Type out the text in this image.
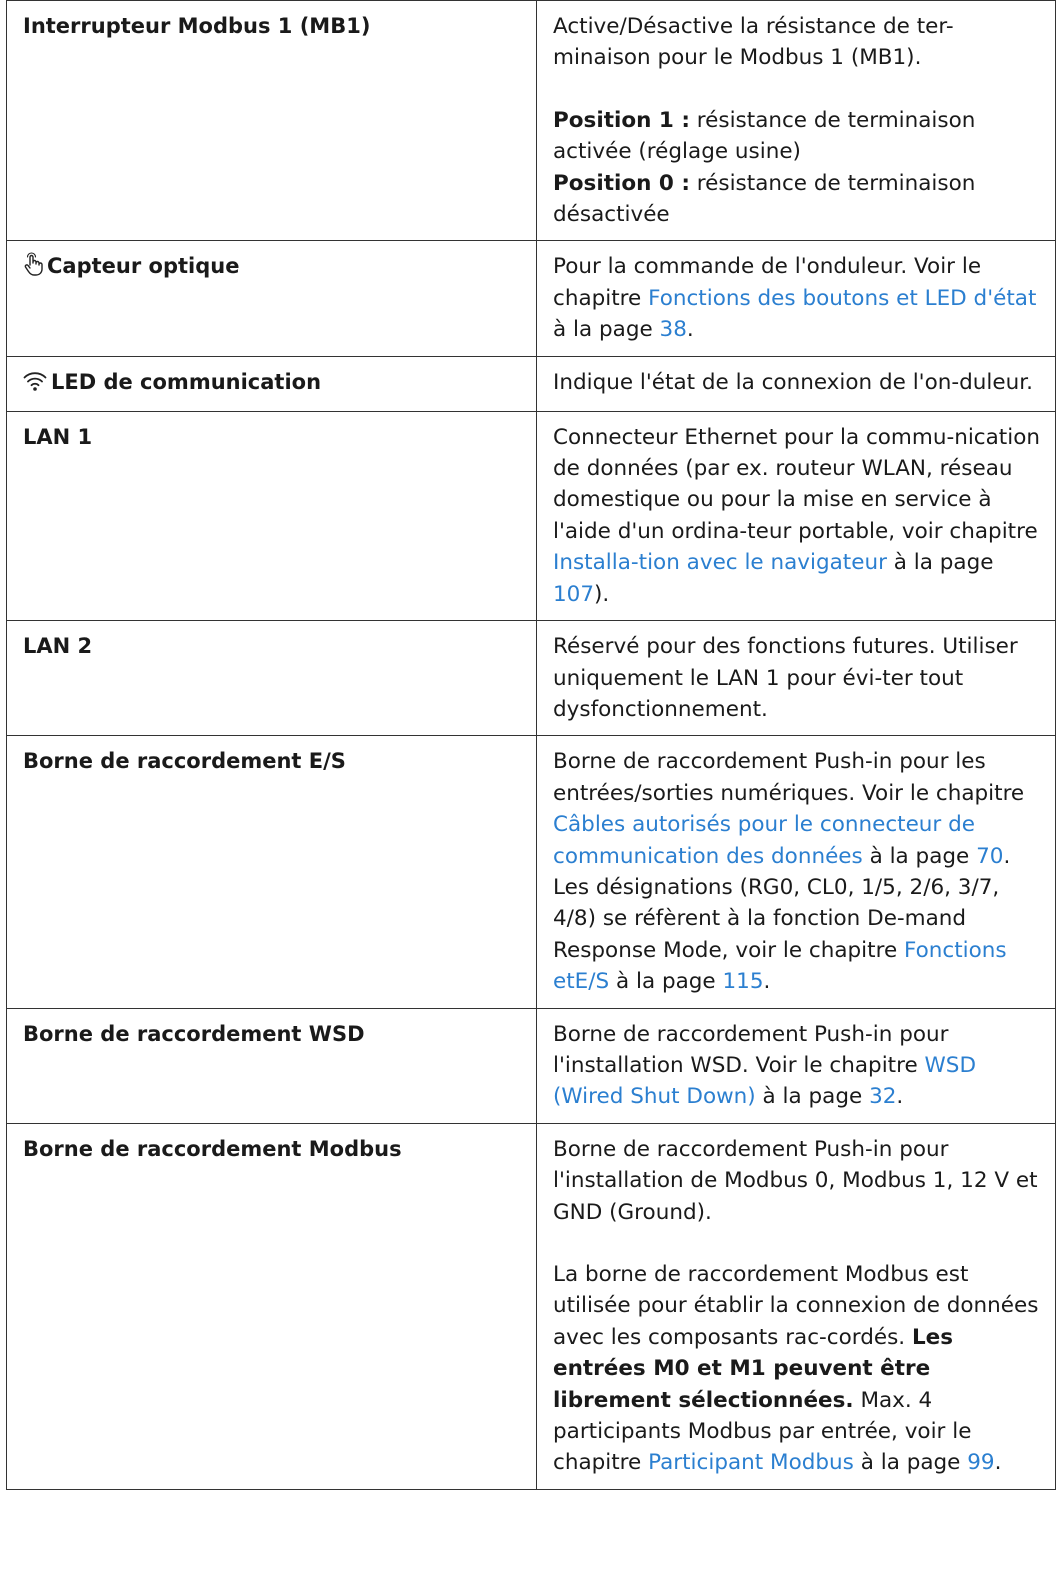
Interrupteur Modbus 1 (MB1)	Active/Désactive la résistance de ter-minaison pour le Modbus 1 (MB1).
Position 1 : résistance de terminaison activée (réglage usine)
Position 0 : résistance de terminaison désactivée
Capteur optique	Pour la commande de l'onduleur. Voir le chapitre Fonctions des boutons et LED d'état à la page 38.
LED de communication	Indique l'état de la connexion de l'on-duleur.
LAN 1	Connecteur Ethernet pour la commu-nication de données (par ex. routeur WLAN, réseau domestique ou pour la mise en service à l'aide d'un ordina-teur portable, voir chapitre Installa-tion avec le navigateur à la page 107).
LAN 2	Réservé pour des fonctions futures. Utiliser uniquement le LAN 1 pour évi-ter tout dysfonctionnement.
Borne de raccordement E/S	Borne de raccordement Push-in pour les entrées/sorties numériques. Voir le chapitre Câbles autorisés pour le connecteur de communication des données à la page 70.
Les désignations (RG0, CL0, 1/5, 2/6, 3/7, 4/8) se réfèrent à la fonction De-mand Response Mode, voir le chapitre Fonctions etE/S à la page 115.
Borne de raccordement WSD	Borne de raccordement Push-in pour l'installation WSD. Voir le chapitre WSD (Wired Shut Down) à la page 32.
Borne de raccordement Modbus	Borne de raccordement Push-in pour l'installation de Modbus 0, Modbus 1, 12 V et GND (Ground).
La borne de raccordement Modbus est utilisée pour établir la connexion de données avec les composants rac-cordés. Les entrées M0 et M1 peuvent être librement sélectionnées. Max. 4 participants Modbus par entrée, voir le chapitre Participant Modbus à la page 99.
